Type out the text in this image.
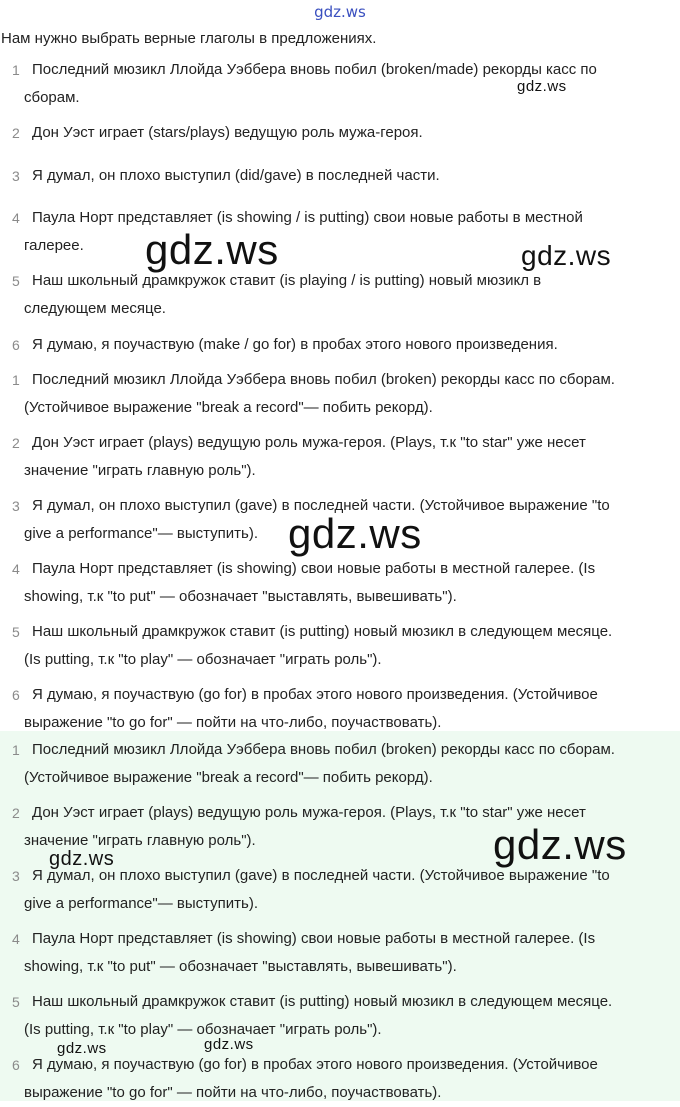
gdz.ws
Нам нужно выбрать верные глаголы в предложениях.
1 Последний мюзикл Ллойда Уэббера вновь побил (broken/made) рекорды касс по
сборам.
2 Дон Уэст играет (stars/plays) ведущую роль мужа-героя.
3 Я думал, он плохо выступил (did/gave) в последней части.
4 Паула Норт представляет (is showing / is putting) свои новые работы в местной
галерее.
5 Наш школьный драмкружок ставит (is playing / is putting) новый мюзикл в
следующем месяце.
6 Я думаю, я поучаствую (make / go for) в пробах этого нового произведения.
1 Последний мюзикл Ллойда Уэббера вновь побил (broken) рекорды касс по сборам.
(Устойчивое выражение "break a record"— побить рекорд).
2 Дон Уэст играет (plays) ведущую роль мужа-героя. (Plays, т.к "to star" уже несет
значение "играть главную роль").
3 Я думал, он плохо выступил (gave) в последней части. (Устойчивое выражение "to
give a performance"— выступить).
4 Паула Норт представляет (is showing) свои новые работы в местной галерее. (Is
showing, т.к "to put" — обозначает "выставлять, вывешивать").
5 Наш школьный драмкружок ставит (is putting) новый мюзикл в следующем месяце.
(Is putting, т.к "to play" — обозначает "играть роль").
6 Я думаю, я поучаствую (go for) в пробах этого нового произведения. (Устойчивое
выражение "to go for" — пойти на что-либо, поучаствовать).
1 Последний мюзикл Ллойда Уэббера вновь побил (broken) рекорды касс по сборам.
(Устойчивое выражение "break a record"— побить рекорд).
2 Дон Уэст играет (plays) ведущую роль мужа-героя. (Plays, т.к "to star" уже несет
значение "играть главную роль").
3 Я думал, он плохо выступил (gave) в последней части. (Устойчивое выражение "to
give a performance"— выступить).
4 Паула Норт представляет (is showing) свои новые работы в местной галерее. (Is
showing, т.к "to put" — обозначает "выставлять, вывешивать").
5 Наш школьный драмкружок ставит (is putting) новый мюзикл в следующем месяце.
(Is putting, т.к "to play" — обозначает "играть роль").
6 Я думаю, я поучаствую (go for) в пробах этого нового произведения. (Устойчивое
выражение "to go for" — пойти на что-либо, поучаствовать).
gdz.ws
gdz.ws	gdz.ws
gdz.ws
gdz.ws
gdz.ws
gdz.ws	gdz.ws
